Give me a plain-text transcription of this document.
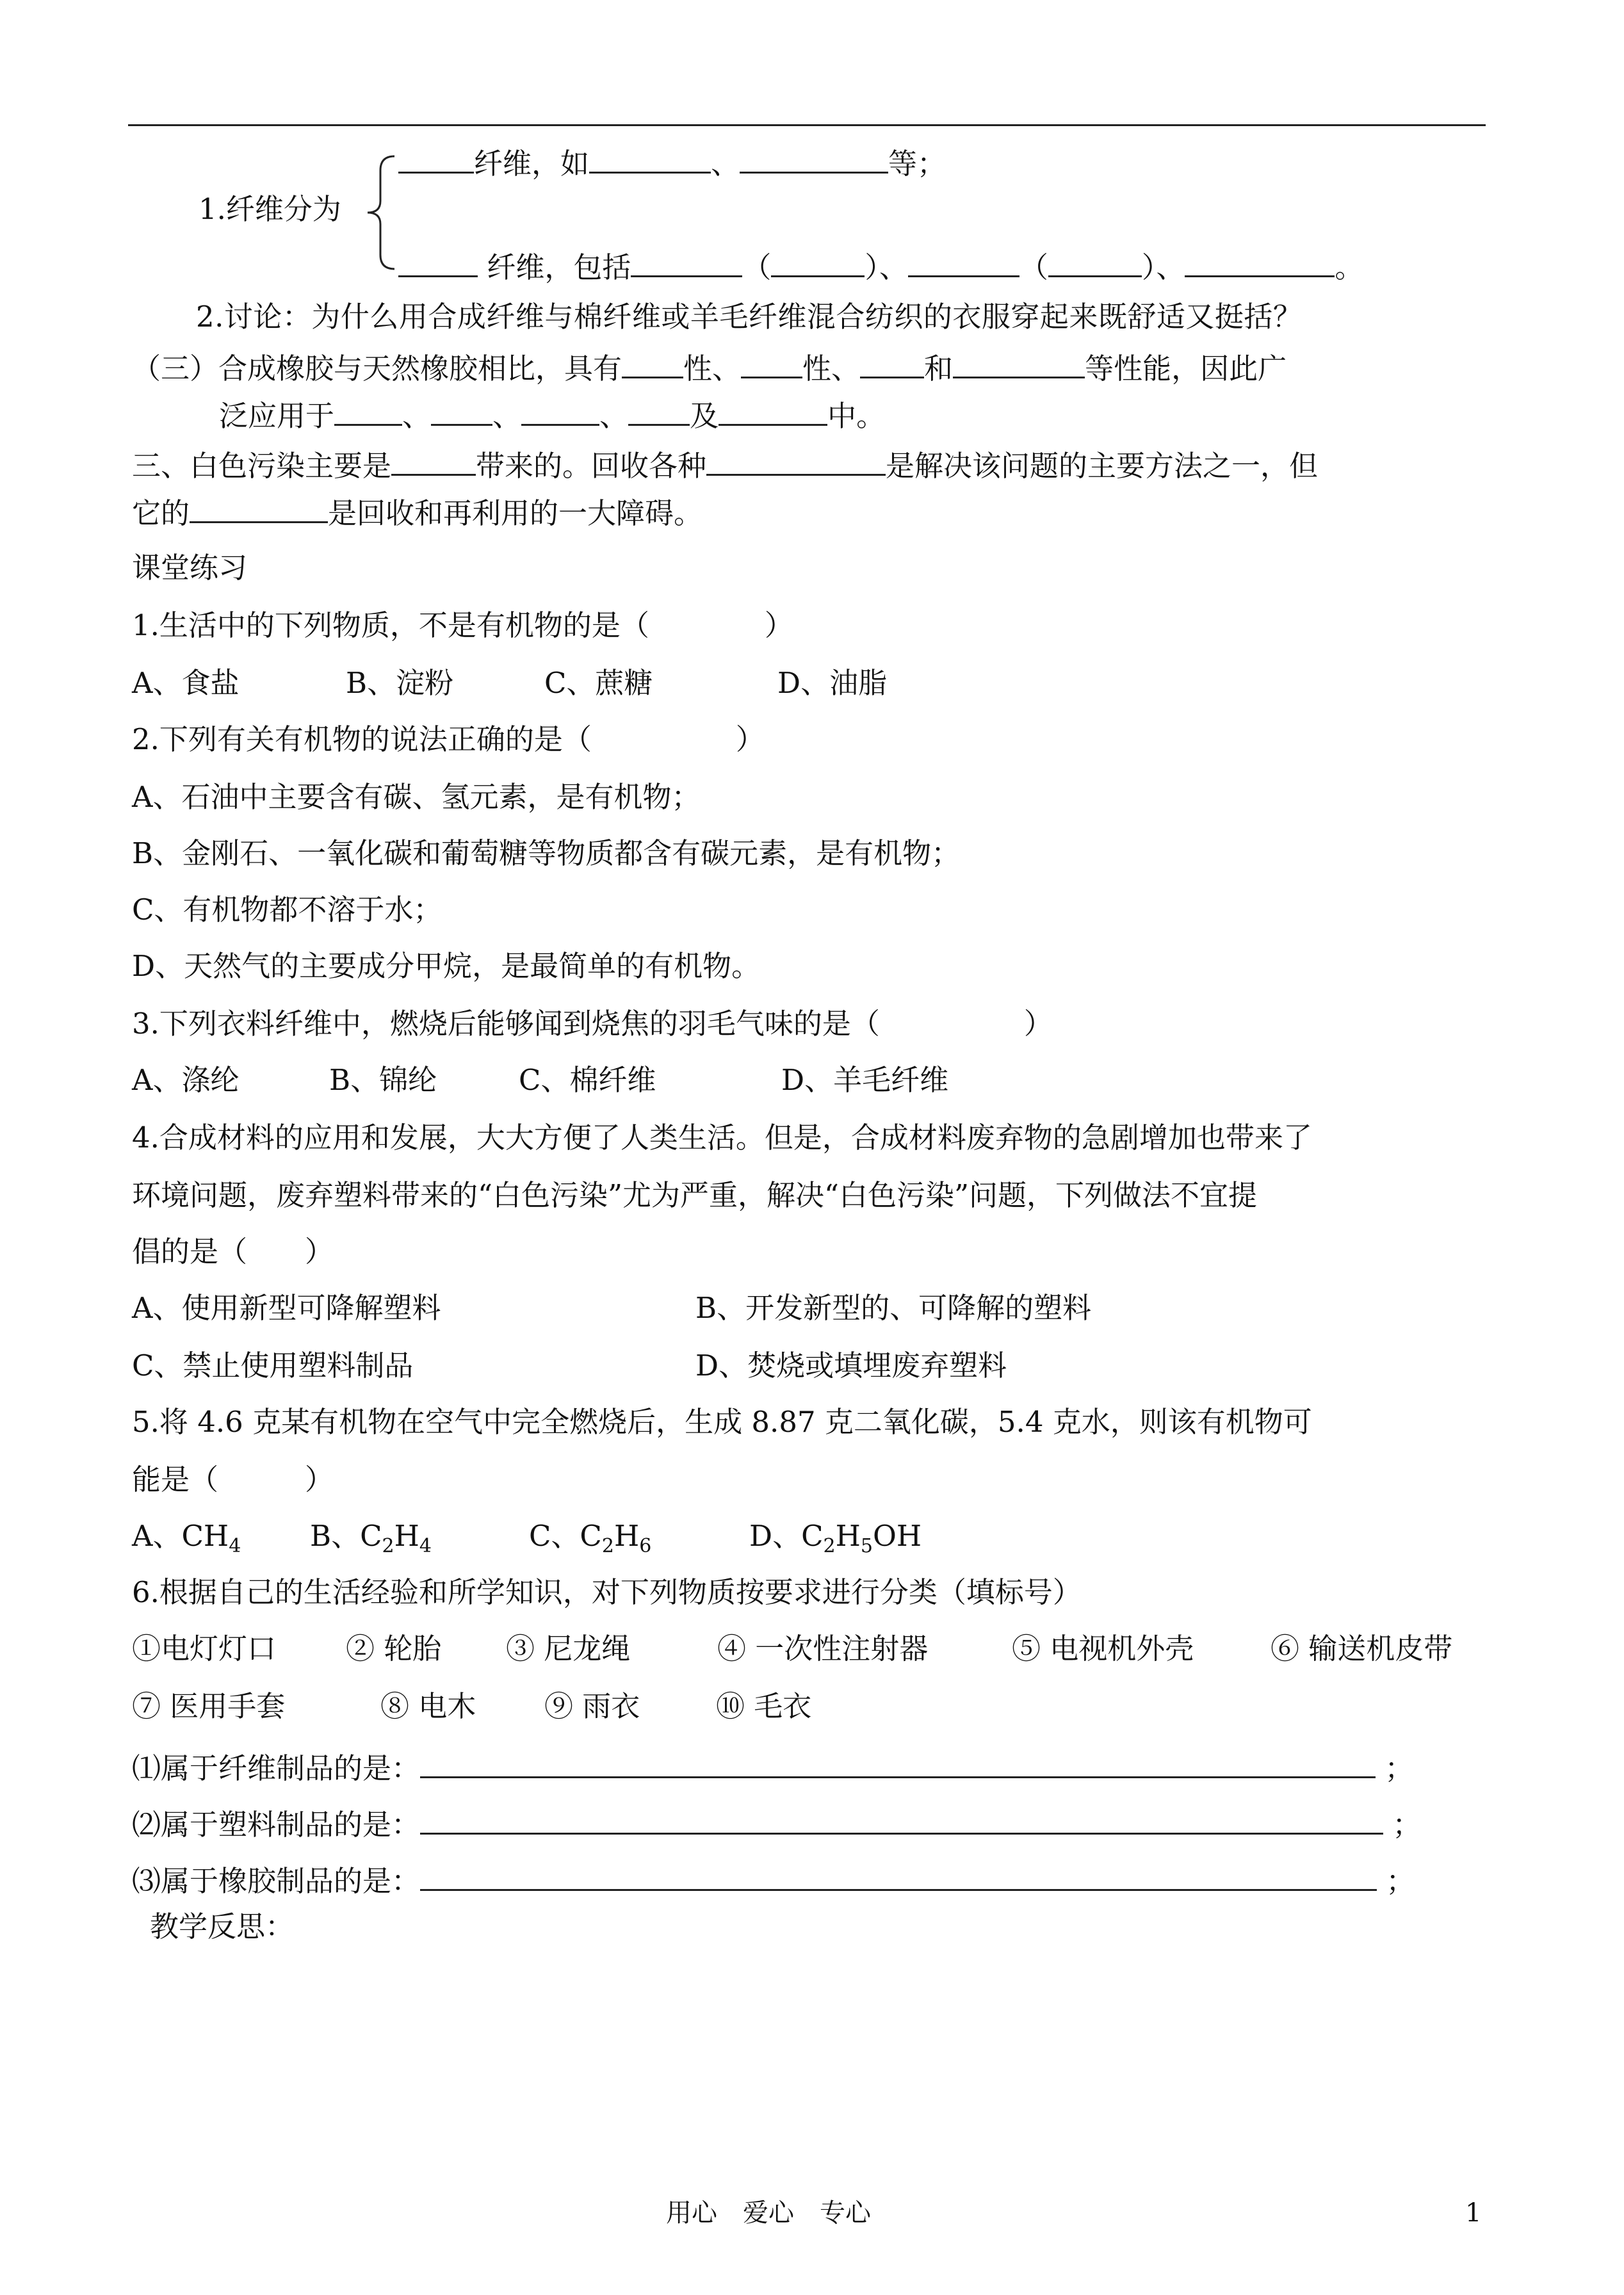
纤维，如	、	等；
1.纤维分为
纤维，包括	（	）、	（	）、	。
2.讨论：为什么用合成纤维与棉纤维或羊毛纤维混合纺织的衣服穿起来既舒适又挺括？
（三）合成橡胶与天然橡胶相比，具有 性、 性、 和	等性能，因此广
泛应用于 、 、	、 及	中。
三、白色污染主要是	带来的。回收各种	是解决该问题的主要方法之一，但
它的	是回收和再利用的一大障碍。
课堂练习
1.生活中的下列物质，不是有机物的是（　　　　）
A、食盐	B、淀粉	C、蔗糖	D、油脂
2.下列有关有机物的说法正确的是（　　　　　）
A、石油中主要含有碳、氢元素，是有机物；
B、金刚石、一氧化碳和葡萄糖等物质都含有碳元素，是有机物；
C、有机物都不溶于水；
D、天然气的主要成分甲烷，是最简单的有机物。
3.下列衣料纤维中，燃烧后能够闻到烧焦的羽毛气味的是（　　　　　）
A、涤纶	B、锦纶	C、棉纤维	D、羊毛纤维
4.合成材料的应用和发展，大大方便了人类生活。但是，合成材料废弃物的急剧增加也带来了
环境问题，废弃塑料带来的“白色污染”尤为严重，解决“白色污染”问题，下列做法不宜提
倡的是（　　）
A、使用新型可降解塑料	B、开发新型的、可降解的塑料
C、禁止使用塑料制品	D、焚烧或填埋废弃塑料
5.将 4.6 克某有机物在空气中完全燃烧后，生成 8.87 克二氧化碳，5.4 克水，则该有机物可
能是（　　　）
A、$CH_4$ B、$C_2H_4$	C、$C_2H_6$	D、$C_2H_5OH$
6.根据自己的生活经验和所学知识，对下列物质按要求进行分类（填标号）
①电灯灯口 ② 轮胎 ③ 尼龙绳	④ 一次性注射器	⑤ 电视机外壳	⑥ 输送机皮带
⑦ 医用手套	⑧ 电木 ⑨ 雨衣	⑩ 毛衣
⑴属于纤维制品的是：	；
⑵属于塑料制品的是：	；
⑶属于橡胶制品的是：	；
教学反思：
用心　爱心　专心	1
